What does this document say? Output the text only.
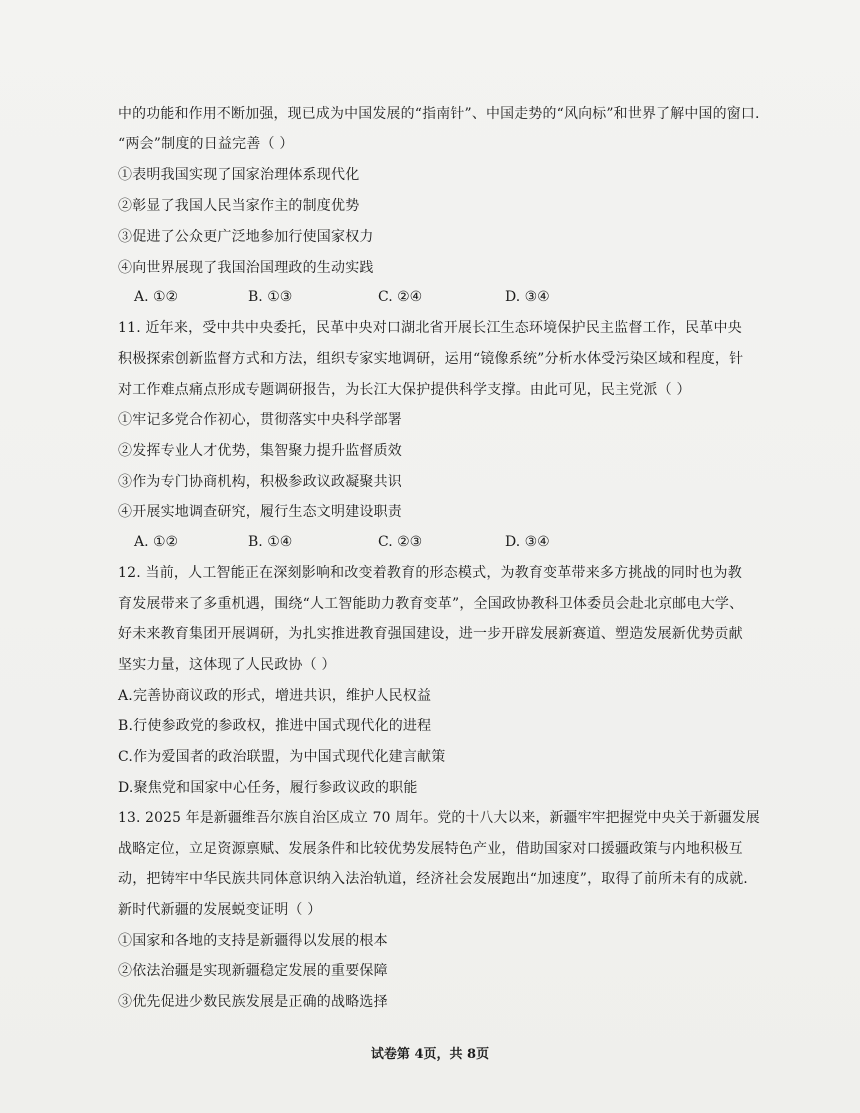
中的功能和作用不断加强，现已成为中国发展的“指南针”、中国走势的“风向标”和世界了解中国的窗口.
“两会”制度的日益完善（ ）
①表明我国实现了国家治理体系现代化
②彰显了我国人民当家作主的制度优势
③促进了公众更广泛地参加行使国家权力
④向世界展现了我国治国理政的生动实践
A. ①②	B. ①③	C. ②④	D. ③④
11. 近年来，受中共中央委托，民革中央对口湖北省开展长江生态环境保护民主监督工作，民革中央
积极探索创新监督方式和方法，组织专家实地调研，运用“镜像系统”分析水体受污染区域和程度，针
对工作难点痛点形成专题调研报告，为长江大保护提供科学支撑。由此可见，民主党派（ ）
①牢记多党合作初心，贯彻落实中央科学部署
②发挥专业人才优势，集智聚力提升监督质效
③作为专门协商机构，积极参政议政凝聚共识
④开展实地调查研究，履行生态文明建设职责
A. ①②	B. ①④	C. ②③	D. ③④
12. 当前，人工智能正在深刻影响和改变着教育的形态模式，为教育变革带来多方挑战的同时也为教
育发展带来了多重机遇，围绕“人工智能助力教育变革”，全国政协教科卫体委员会赴北京邮电大学、
好未来教育集团开展调研，为扎实推进教育强国建设，进一步开辟发展新赛道、塑造发展新优势贡献
坚实力量，这体现了人民政协（ ）
A.完善协商议政的形式，增进共识，维护人民权益
B.行使参政党的参政权，推进中国式现代化的进程
C.作为爱国者的政治联盟，为中国式现代化建言献策
D.聚焦党和国家中心任务，履行参政议政的职能
13. 2025 年是新疆维吾尔族自治区成立 70 周年。党的十八大以来，新疆牢牢把握党中央关于新疆发展
战略定位，立足资源禀赋、发展条件和比较优势发展特色产业，借助国家对口援疆政策与内地积极互
动，把铸牢中华民族共同体意识纳入法治轨道，经济社会发展跑出“加速度”，取得了前所未有的成就.
新时代新疆的发展蜕变证明（ ）
①国家和各地的支持是新疆得以发展的根本
②依法治疆是实现新疆稳定发展的重要保障
③优先促进少数民族发展是正确的战略选择
试卷第 4页，共 8页
